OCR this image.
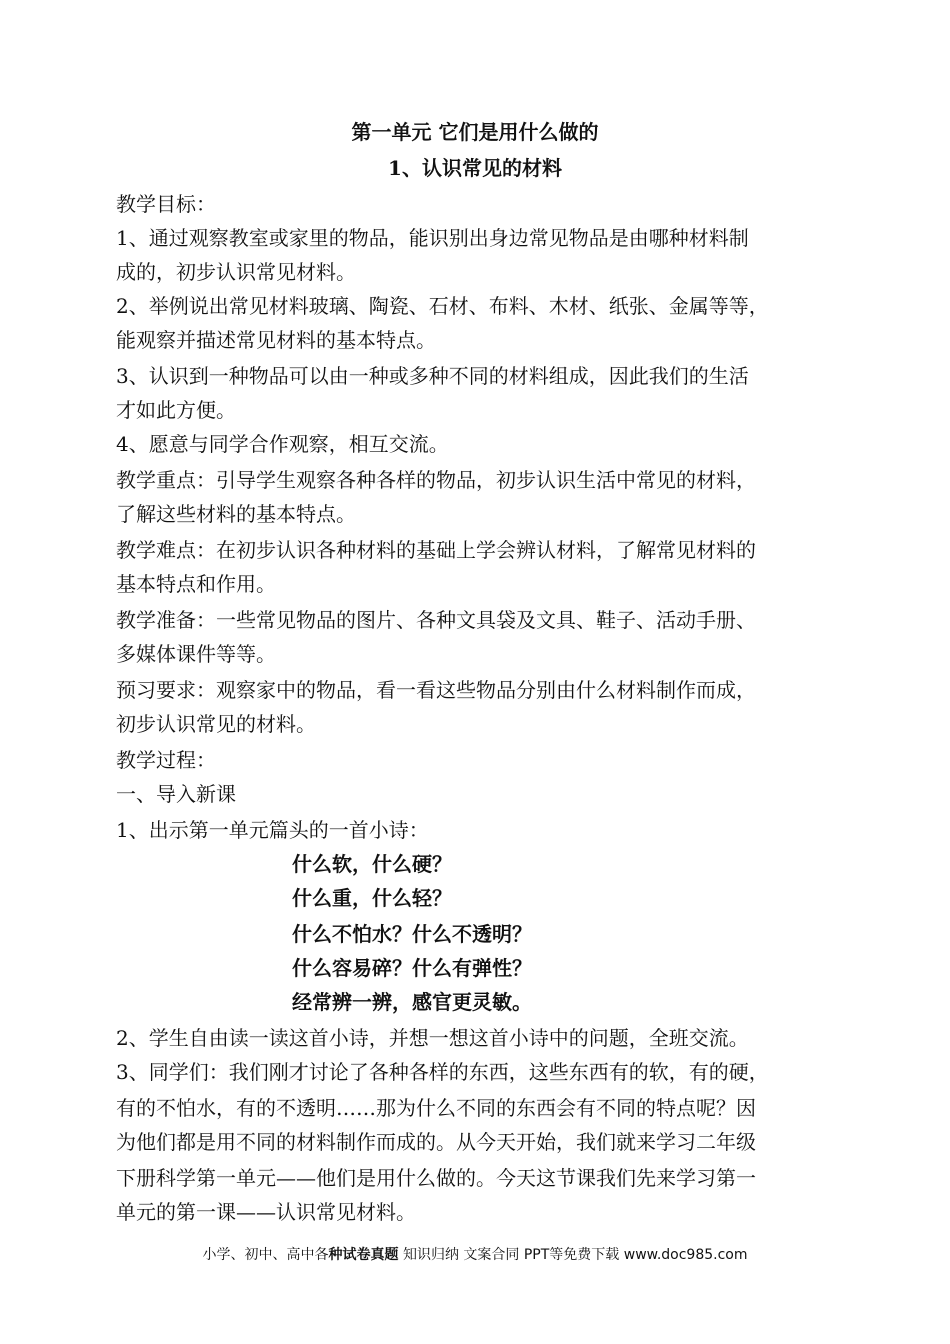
第一单元 它们是用什么做的
1、认识常见的材料
教学目标：
1、通过观察教室或家里的物品，能识别出身边常见物品是由哪种材料制
成的，初步认识常见材料。
2、举例说出常见材料玻璃、陶瓷、石材、布料、木材、纸张、金属等等，
能观察并描述常见材料的基本特点。
3、认识到一种物品可以由一种或多种不同的材料组成，因此我们的生活
才如此方便。
4、愿意与同学合作观察，相互交流。
教学重点：引导学生观察各种各样的物品，初步认识生活中常见的材料，
了解这些材料的基本特点。
教学难点：在初步认识各种材料的基础上学会辨认材料，了解常见材料的
基本特点和作用。
教学准备：一些常见物品的图片、各种文具袋及文具、鞋子、活动手册、
多媒体课件等等。
预习要求：观察家中的物品，看一看这些物品分别由什么材料制作而成，
初步认识常见的材料。
教学过程：
一、导入新课
1、出示第一单元篇头的一首小诗：
什么软，什么硬？
什么重，什么轻？
什么不怕水？什么不透明？
什么容易碎？什么有弹性？
经常辨一辨，感官更灵敏。
2、学生自由读一读这首小诗，并想一想这首小诗中的问题，全班交流。
3、同学们：我们刚才讨论了各种各样的东西，这些东西有的软，有的硬，
有的不怕水，有的不透明……那为什么不同的东西会有不同的特点呢？因
为他们都是用不同的材料制作而成的。从今天开始，我们就来学习二年级
下册科学第一单元——他们是用什么做的。今天这节课我们先来学习第一
单元的第一课——认识常见材料。
小学、初中、高中各种试卷真题 知识归纳 文案合同 PPT等免费下载 www.doc985.com
